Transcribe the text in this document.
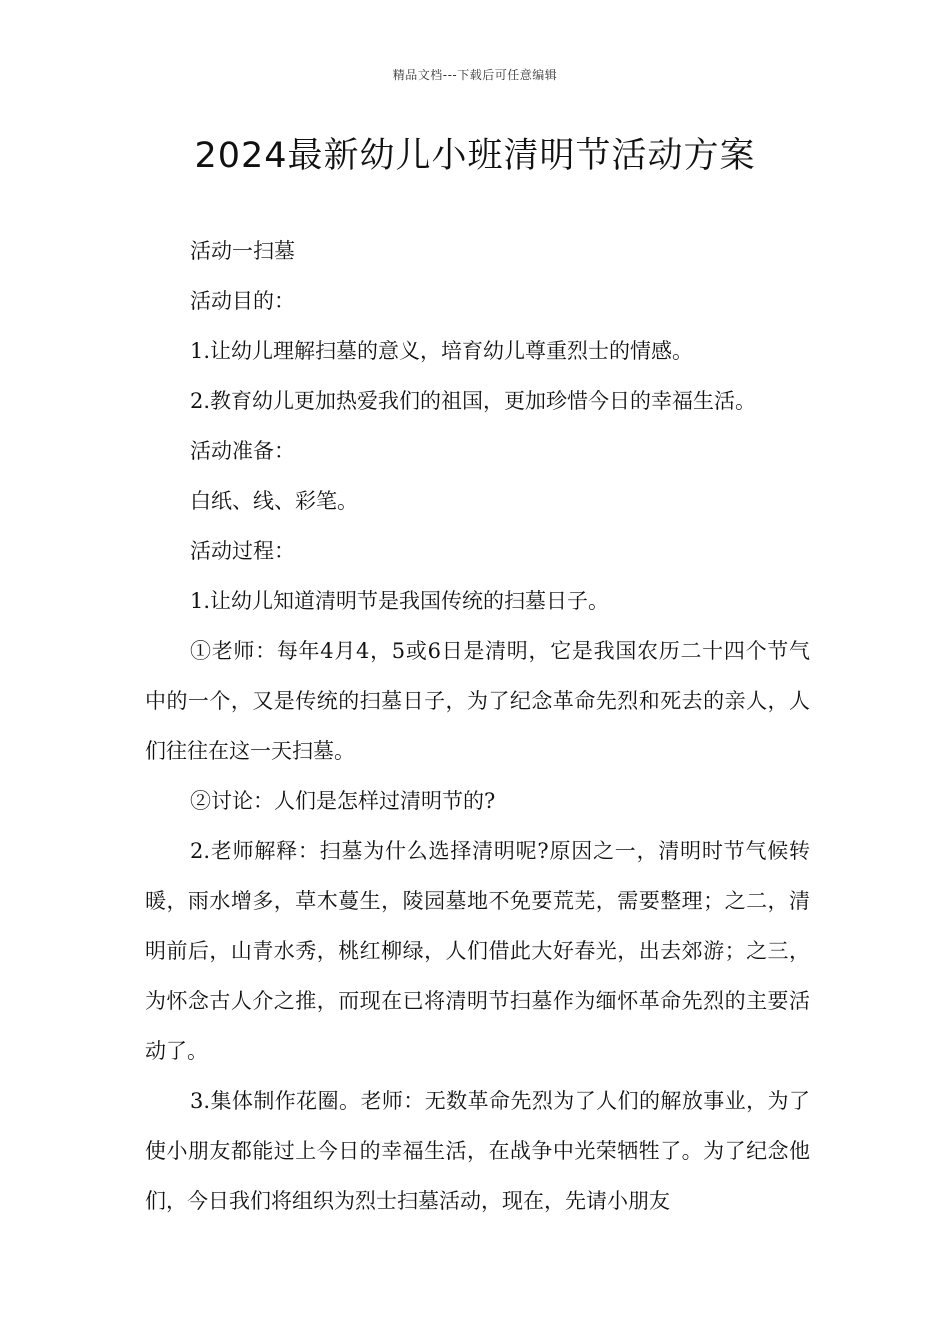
精品文档---下载后可任意编辑
2024最新幼儿小班清明节活动方案

活动一扫墓

活动目的：

1.让幼儿理解扫墓的意义，培育幼儿尊重烈士的情感。

2.教育幼儿更加热爱我们的祖国，更加珍惜今日的幸福生活。

活动准备：

白纸、线、彩笔。

活动过程：

1.让幼儿知道清明节是我国传统的扫墓日子。

①老师：每年4月4，5或6日是清明，它是我国农历二十四个节气中的一个，又是传统的扫墓日子，为了纪念革命先烈和死去的亲人，人们往往在这一天扫墓。

②讨论：人们是怎样过清明节的?

2.老师解释：扫墓为什么选择清明呢?原因之一，清明时节气候转暖，雨水增多，草木蔓生，陵园墓地不免要荒芜，需要整理；之二，清明前后，山青水秀，桃红柳绿，人们借此大好春光，出去郊游；之三，为怀念古人介之推，而现在已将清明节扫墓作为缅怀革命先烈的主要活动了。

3.集体制作花圈。老师：无数革命先烈为了人们的解放事业，为了使小朋友都能过上今日的幸福生活，在战争中光荣牺牲了。为了纪念他们，今日我们将组织为烈士扫墓活动，现在，先请小朋友
